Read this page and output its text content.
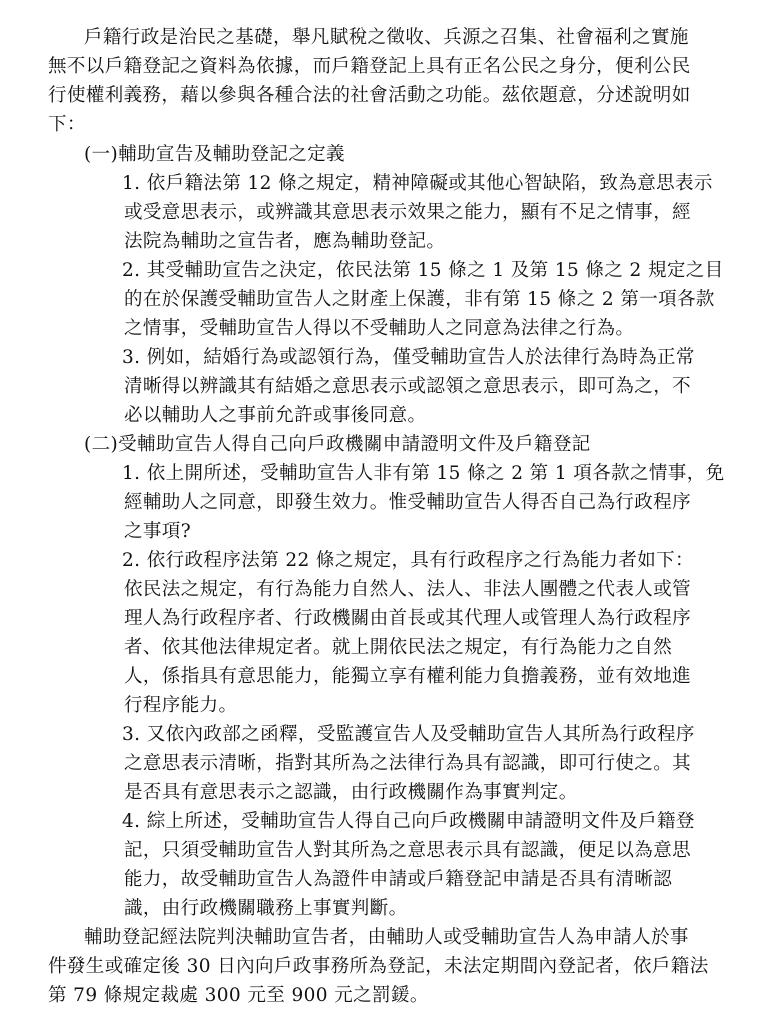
戶籍行政是治民之基礎，舉凡賦稅之徵收、兵源之召集、社會福利之實施
無不以戶籍登記之資料為依據，而戶籍登記上具有正名公民之身分，便利公民
行使權利義務，藉以參與各種合法的社會活動之功能。茲依題意，分述說明如
下：
(一)輔助宣告及輔助登記之定義
1. 依戶籍法第 12 條之規定，精神障礙或其他心智缺陷，致為意思表示
或受意思表示，或辨識其意思表示效果之能力，顯有不足之情事，經
法院為輔助之宣告者，應為輔助登記。
2. 其受輔助宣告之決定，依民法第 15 條之 1 及第 15 條之 2 規定之目
的在於保護受輔助宣告人之財產上保護，非有第 15 條之 2 第一項各款
之情事，受輔助宣告人得以不受輔助人之同意為法律之行為。
3. 例如，結婚行為或認領行為，僅受輔助宣告人於法律行為時為正常
清晰得以辨識其有結婚之意思表示或認領之意思表示，即可為之，不
必以輔助人之事前允許或事後同意。
(二)受輔助宣告人得自己向戶政機關申請證明文件及戶籍登記
1. 依上開所述，受輔助宣告人非有第 15 條之 2 第 1 項各款之情事，免
經輔助人之同意，即發生效力。惟受輔助宣告人得否自己為行政程序
之事項?
2. 依行政程序法第 22 條之規定，具有行政程序之行為能力者如下：
依民法之規定，有行為能力自然人、法人、非法人團體之代表人或管
理人為行政程序者、行政機關由首長或其代理人或管理人為行政程序
者、依其他法律規定者。就上開依民法之規定，有行為能力之自然
人，係指具有意思能力，能獨立享有權利能力負擔義務，並有效地進
行程序能力。
3. 又依內政部之函釋，受監護宣告人及受輔助宣告人其所為行政程序
之意思表示清晰，指對其所為之法律行為具有認識，即可行使之。其
是否具有意思表示之認識，由行政機關作為事實判定。
4. 綜上所述，受輔助宣告人得自己向戶政機關申請證明文件及戶籍登
記，只須受輔助宣告人對其所為之意思表示具有認識，便足以為意思
能力，故受輔助宣告人為證件申請或戶籍登記申請是否具有清晰認
識，由行政機關職務上事實判斷。
輔助登記經法院判決輔助宣告者，由輔助人或受輔助宣告人為申請人於事
件發生或確定後 30 日內向戶政事務所為登記，未法定期間內登記者，依戶籍法
第 79 條規定裁處 300 元至 900 元之罰鍰。
